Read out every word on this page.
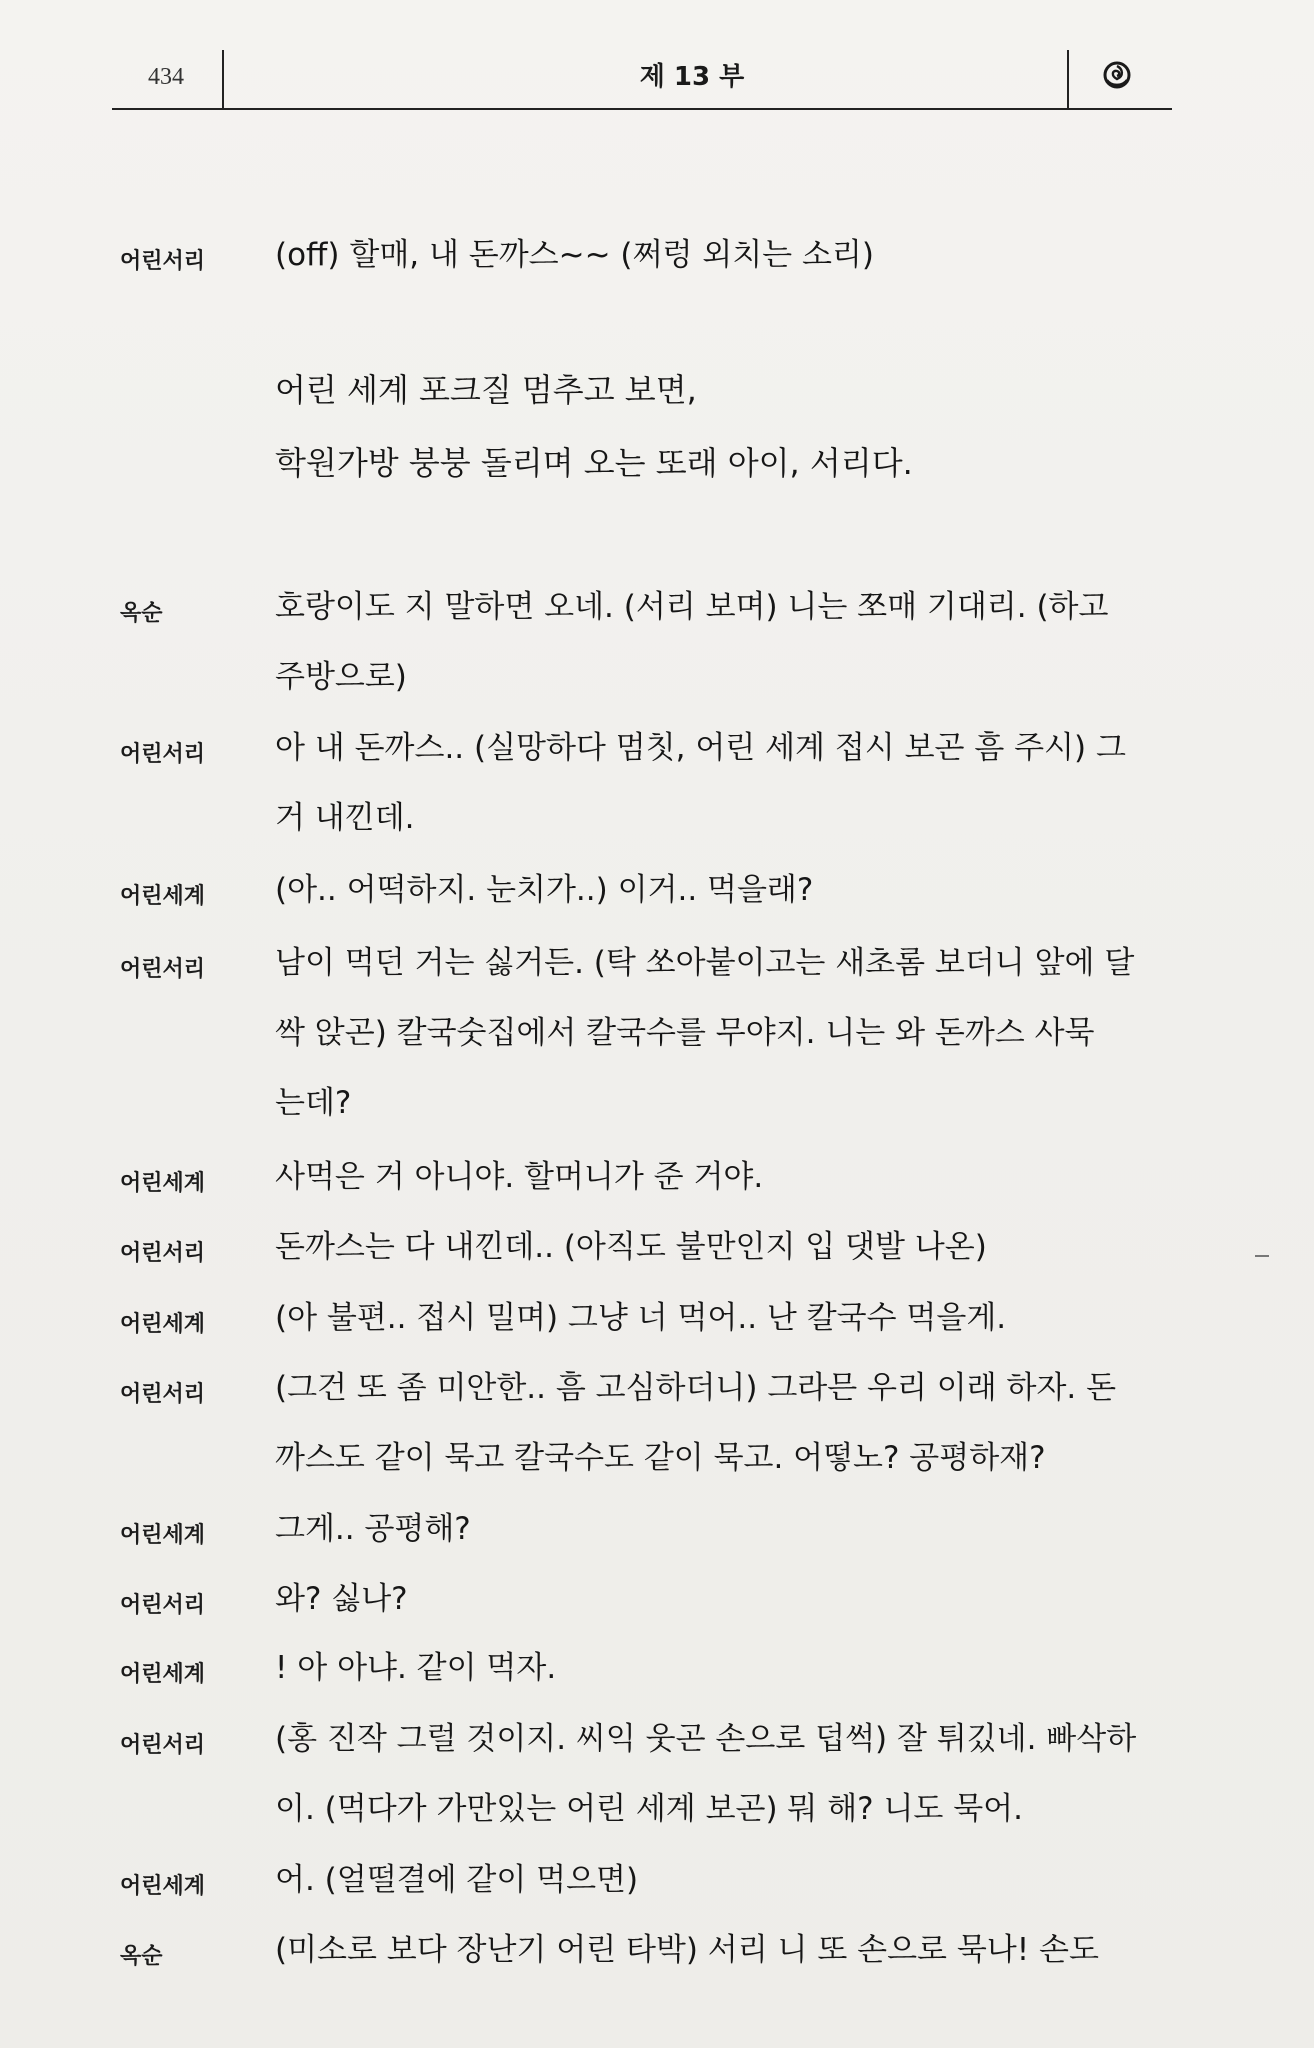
434	제 13 부
어린서리 (off) 할매, 내 돈까스~~ (쩌렁 외치는 소리)
어린 세계 포크질 멈추고 보면,
학원가방 붕붕 돌리며 오는 또래 아이, 서리다.
옥순	호랑이도 지 말하면 오네. (서리 보며) 니는 쪼매 기대리. (하고
주방으로)
어린서리 아 내 돈까스.. (실망하다 멈칫, 어린 세계 접시 보곤 흠 주시) 그
거 내낀데.
어린세계 (아.. 어떡하지. 눈치가..) 이거.. 먹을래?
어린서리 남이 먹던 거는 싫거든. (탁 쏘아붙이고는 새초롬 보더니 앞에 달
싹 앉곤) 칼국숫집에서 칼국수를 무야지. 니는 와 돈까스 사묵
는데?
어린세계 사먹은 거 아니야. 할머니가 준 거야.
어린서리 돈까스는 다 내낀데.. (아직도 불만인지 입 댓발 나온)
어린세계 (아 불편.. 접시 밀며) 그냥 너 먹어.. 난 칼국수 먹을게.
어린서리 (그건 또 좀 미안한.. 흠 고심하더니) 그라믄 우리 이래 하자. 돈
까스도 같이 묵고 칼국수도 같이 묵고. 어떻노? 공평하재?
어린세계 그게.. 공평해?
어린서리 와? 싫나?
어린세계 ! 아 아냐. 같이 먹자.
어린서리 (홍 진작 그럴 것이지. 씨익 웃곤 손으로 덥썩) 잘 튀깄네. 빠삭하
이. (먹다가 가만있는 어린 세계 보곤) 뭐 해? 니도 묵어.
어린세계 어. (얼떨결에 같이 먹으면)
옥순	(미소로 보다 장난기 어린 타박) 서리 니 또 손으로 묵나! 손도
